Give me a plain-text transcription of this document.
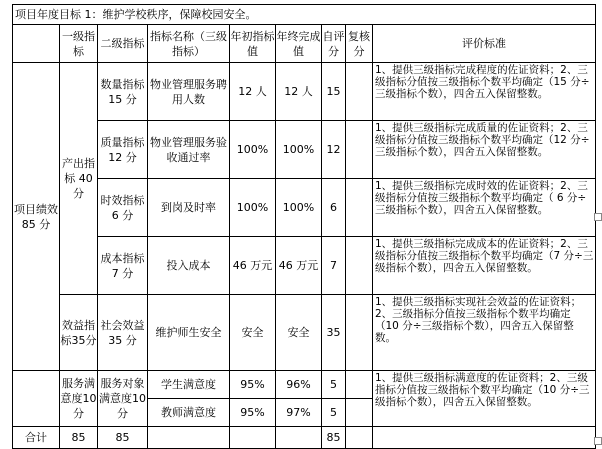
项目年度目标 1：维护学校秩序，保障校园安全。								
	一级指标	二级指标	指标名称（三级指标）	年初指标值	年终完成值	自评分	复核分	评价标准
项目绩效85 分	产出指标 40 分	数量指标15 分	物业管理服务聘用人数	12 人	12 人	15		1、提供三级指标完成程度的佐证资料；2、三级指标分值按三级指标个数平均确定（15 分÷三级指标个数），四舍五入保留整数。
		质量指标12 分	物业管理服务验收通过率	100%	100%	12		1、提供三级指标完成质量的佐证资料；2、三级指标分值按三级指标个数平均确定（12 分÷三级指标个数），四舍五入保留整数。
		时效指标6 分	到岗及时率	100%	100%	6		1、提供三级指标完成时效的佐证资料；2、三级指标分值按三级指标个数平均确定（ 6 分÷三级指标个数），四舍五入保留整数。
		成本指标7 分	投入成本	46 万元	46 万元	7		1、提供三级指标完成成本的佐证资料；2、三级指标分值按三级指标个数平均确定（7 分÷三级指标个数），四舍五入保留整数。
	效益指标35分	社会效益35 分	维护师生安全	安全	安全	35		1、提供三级指标实现社会效益的佐证资料；2、三级指标分值按三级指标个数平均确定（10 分÷三级指标个数），四舍五入保留整数。
	服务满意度10 分	服务对象满意度10 分	学生满意度	95%	96%	5		1、提供三级指标满意度的佐证资料；2、三级指标分值按三级指标个数平均确定（10 分÷三级指标个数），四舍五入保留整数。
			教师满意度	95%	97%	5		
合计	85	85				85		
